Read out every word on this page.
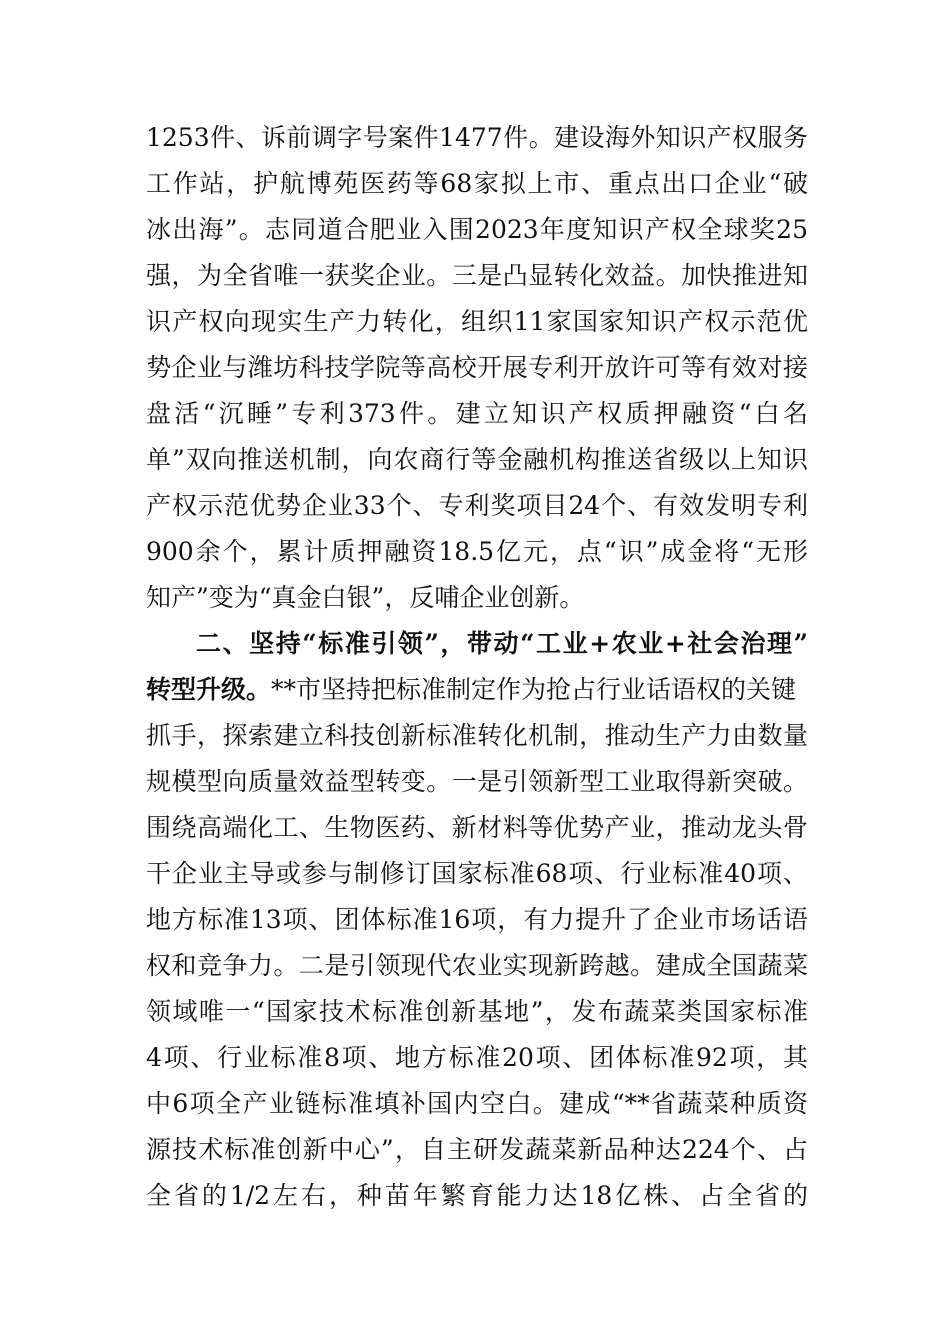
1253件、诉前调字号案件1477件。建设海外知识产权服务
工作站，护航博苑医药等68家拟上市、重点出口企业“破
冰出海”。志同道合肥业入围2023年度知识产权全球奖25
强，为全省唯一获奖企业。三是凸显转化效益。加快推进知
识产权向现实生产力转化，组织11家国家知识产权示范优
势企业与潍坊科技学院等高校开展专利开放许可等有效对接
盘活“沉睡”专利373件。建立知识产权质押融资“白名
单”双向推送机制，向农商行等金融机构推送省级以上知识
产权示范优势企业33个、专利奖项目24个、有效发明专利
900余个，累计质押融资18.5亿元，点“识”成金将“无形
知产”变为“真金白银”，反哺企业创新。
二、坚持“标准引领”，带动“工业+农业+社会治理”
转型升级。**市坚持把标准制定作为抢占行业话语权的关键
抓手，探索建立科技创新标准转化机制，推动生产力由数量
规模型向质量效益型转变。一是引领新型工业取得新突破。
围绕高端化工、生物医药、新材料等优势产业，推动龙头骨
干企业主导或参与制修订国家标准68项、行业标准40项、
地方标准13项、团体标准16项，有力提升了企业市场话语
权和竞争力。二是引领现代农业实现新跨越。建成全国蔬菜
领域唯一“国家技术标准创新基地”，发布蔬菜类国家标准
4项、行业标准8项、地方标准20项、团体标准92项，其
中6项全产业链标准填补国内空白。建成“**省蔬菜种质资
源技术标准创新中心”，自主研发蔬菜新品种达224个、占
全省的1/2左右，种苗年繁育能力达18亿株、占全省的
